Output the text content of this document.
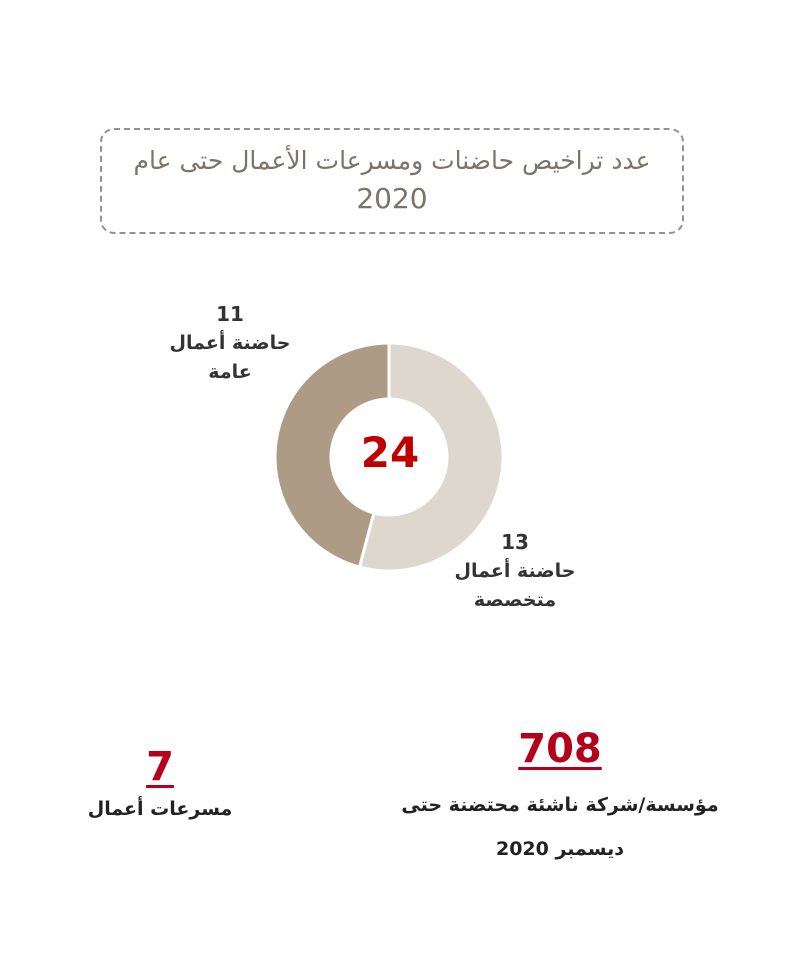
عدد تراخيص حاضنات ومسرعات الأعمال حتى عام
2020
24
11
حاضنة أعمال
عامة
13
حاضنة أعمال
متخصصة
7
مسرعات أعمال
708
مؤسسة/شركة ناشئة محتضنة حتى
ديسمبر 2020
